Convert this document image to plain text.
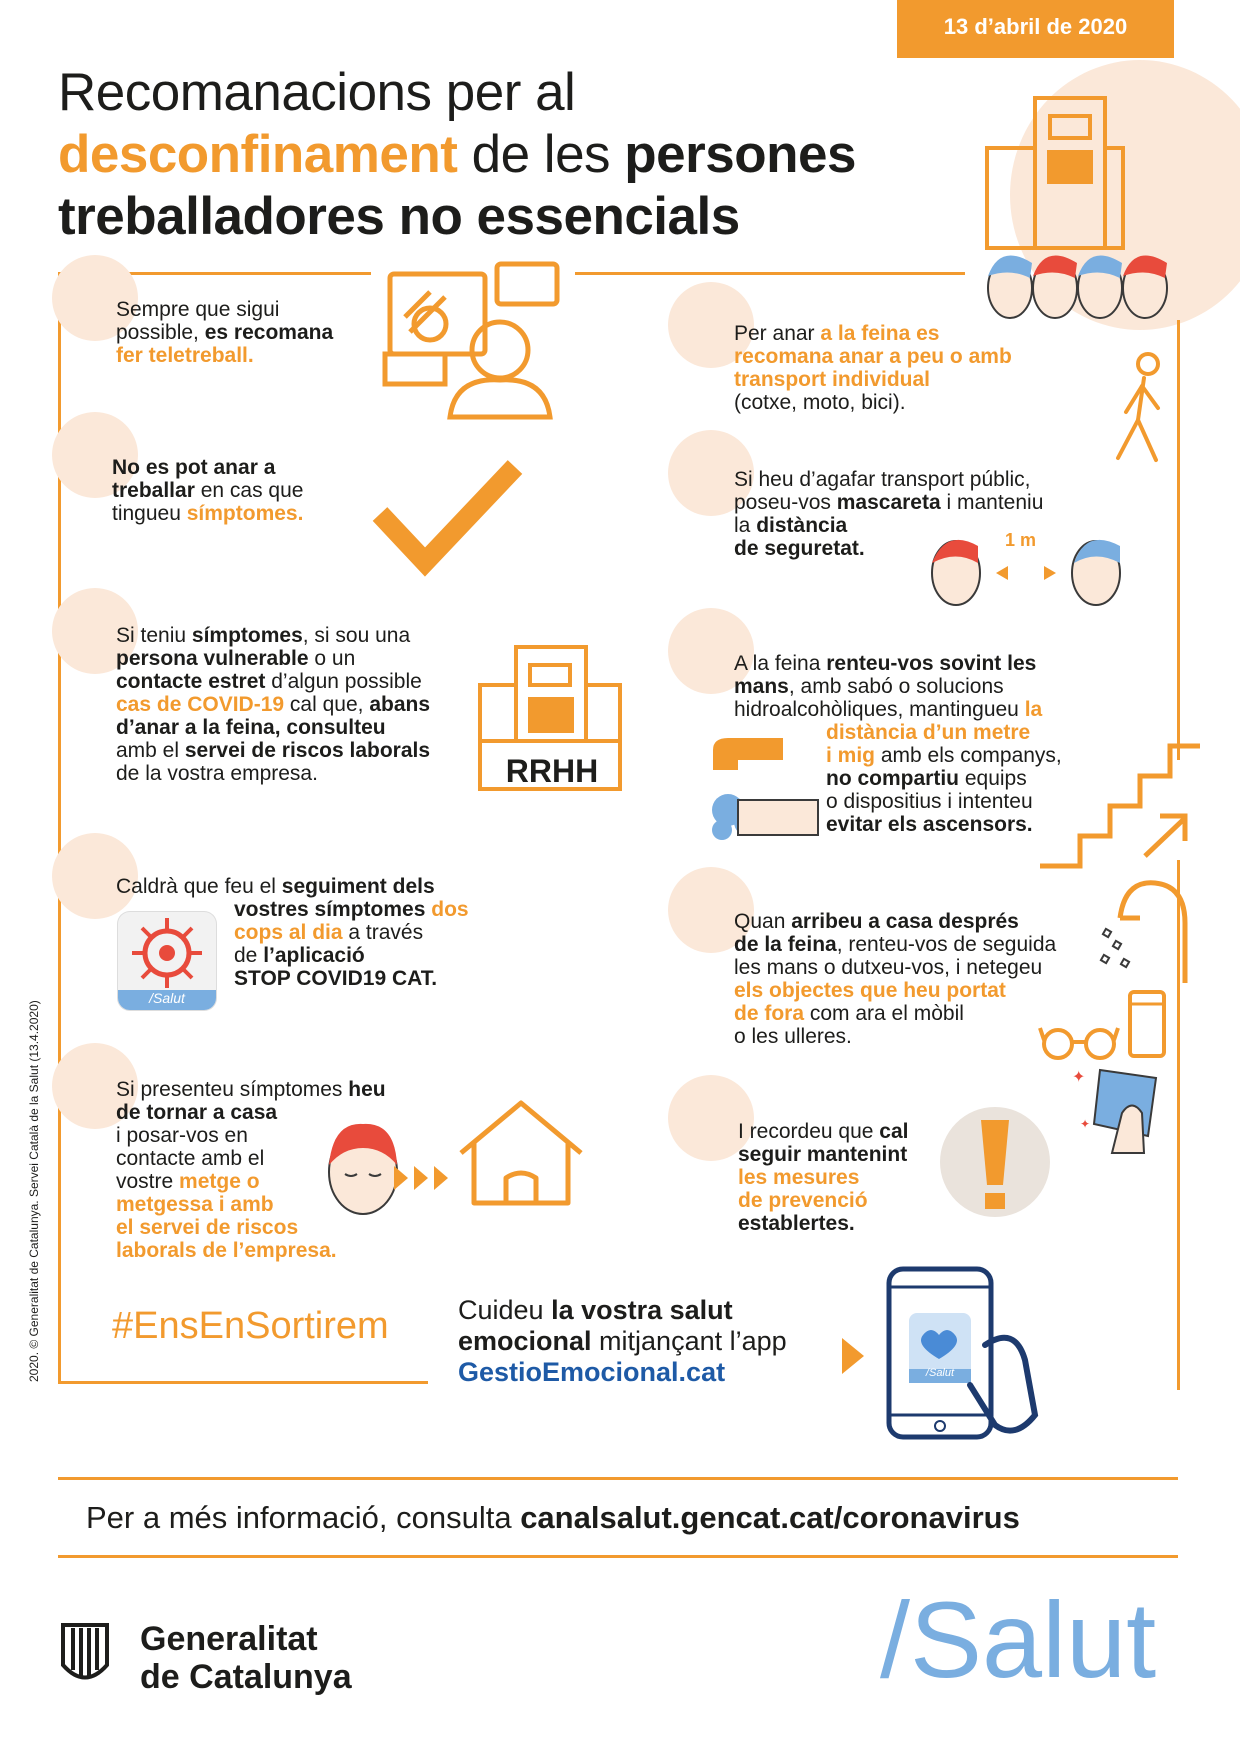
13 d’abril de 2020
Recomanacions per al
desconfinament de les persones
treballadores no essencials
Sempre que sigui
possible, es recomana
fer teletreball.
No es pot anar a
treballar en cas que
tingueu símptomes.
Si teniu símptomes, si sou una
persona vulnerable o un
contacte estret d’algun possible
cas de COVID-19 cal que, abans
d’anar a la feina, consulteu
amb el servei de riscos laborals
de la vostra empresa.
Caldrà que feu el seguiment dels
vostres símptomes dos
cops al dia a través
de l’aplicació
STOP COVID19 CAT.
Si presenteu símptomes heu
de tornar a casa
i posar-vos en
contacte amb el
vostre metge o
metgessa i amb
el servei de riscos
laborals de l’empresa.
Per anar a la feina es
recomana anar a peu o amb
transport individual
(cotxe, moto, bici).
Si heu d’agafar transport públic,
poseu-vos mascareta i manteniu
la distància
de seguretat.
A la feina renteu-vos sovint les
mans, amb sabó o solucions
hidroalcohòliques, mantingueu la
distància d’un metre
i mig amb els companys,
no compartiu equips
o dispositius i intenteu
evitar els ascensors.
Quan arribeu a casa després
de la feina, renteu-vos de seguida
les mans o dutxeu-vos, i netegeu
els objectes que heu portat
de fora com ara el mòbil
o les ulleres.
I recordeu que cal
seguir mantenint
les mesures
de prevenció
establertes.
1 m
RRHH
/Salut
✦
✦
#EnsEnSortirem	Cuideu la vostra salut
emocional mitjançant l’app
GestioEmocional.cat	/Salut
Per a més informació, consulta canalsalut.gencat.cat/coronavirus
2020. © Generalitat de Catalunya. Servei Català de la Salut (13.4.2020)
Generalitat
de Catalunya	/Salut
